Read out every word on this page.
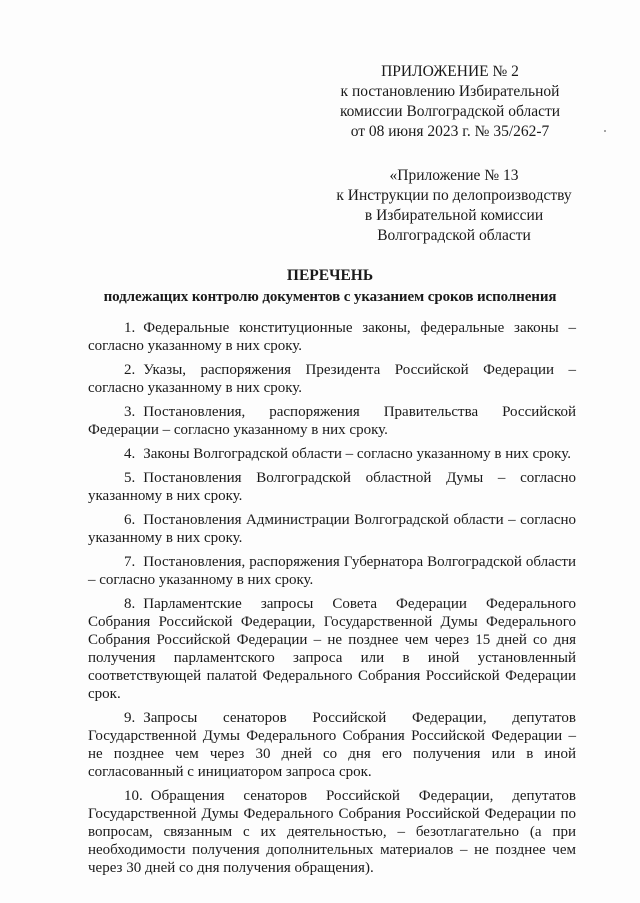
ПРИЛОЖЕНИЕ № 2
к постановлению Избирательной
комиссии Волгоградской области
от 08 июня 2023 г. № 35/262-7
«Приложение № 13
к Инструкции по делопроизводству
в Избирательной комиссии
Волгоградской области
ПЕРЕЧЕНЬ
подлежащих контролю документов с указанием сроков исполнения

1. Федеральные конституционные законы, федеральные законы – согласно указанному в них сроку.

2. Указы, распоряжения Президента Российской Федерации – согласно указанному в них сроку.

3. Постановления, распоряжения Правительства Российской Федерации – согласно указанному в них сроку.

4. Законы Волгоградской области – согласно указанному в них сроку.

5. Постановления Волгоградской областной Думы – согласно указанному в них сроку.

6. Постановления Администрации Волгоградской области – согласно указанному в них сроку.

7. Постановления, распоряжения Губернатора Волгоградской области – согласно указанному в них сроку.

8. Парламентские запросы Совета Федерации Федерального Собрания Российской Федерации, Государственной Думы Федерального Собрания Российской Федерации – не позднее чем через 15 дней со дня получения парламентского запроса или в иной установленный соответствующей палатой Федерального Собрания Российской Федерации срок.

9. Запросы сенаторов Российской Федерации, депутатов Государственной Думы Федерального Собрания Российской Федерации – не позднее чем через 30 дней со дня его получения или в иной согласованный с инициатором запроса срок.

10. Обращения сенаторов Российской Федерации, депутатов Государственной Думы Федерального Собрания Российской Федерации по вопросам, связанным с их деятельностью, – безотлагательно (а при необходимости получения дополнительных материалов – не позднее чем через 30 дней со дня получения обращения).
